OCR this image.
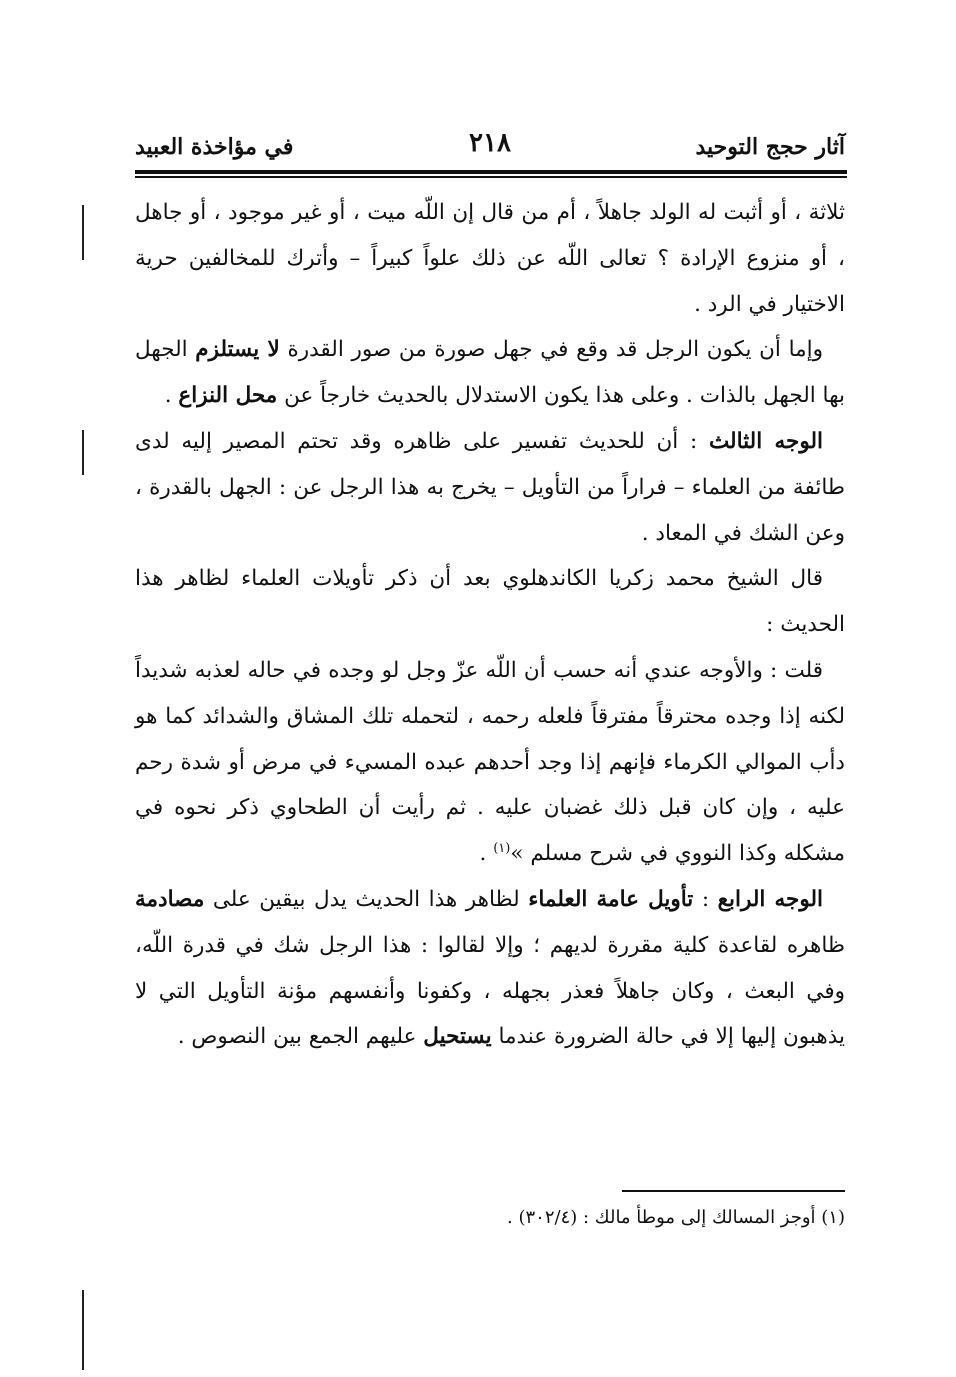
آثار حجج التوحيد
٢١٨
في مؤاخذة العبيد

ثلاثة ، أو أثبت له الولد جاهلاً ، أم من قال إن اللّه ميت ، أو غير موجود ، أو جاهل ، أو منزوع الإرادة ؟ تعالى اللّه عن ذلك علواً كبيراً – وأترك للمخالفين حرية الاختيار في الرد .

وإما أن يكون الرجل قد وقع في جهل صورة من صور القدرة لا يستلزم الجهل بها الجهل بالذات . وعلى هذا يكون الاستدلال بالحديث خارجاً عن محل النزاع .

الوجه الثالث : أن للحديث تفسير على ظاهره وقد تحتم المصير إليه لدى طائفة من العلماء – فراراً من التأويل – يخرج به هذا الرجل عن : الجهل بالقدرة ، وعن الشك في المعاد .

قال الشيخ محمد زكريا الكاندهلوي بعد أن ذكر تأويلات العلماء لظاهر هذا الحديث :

قلت : والأوجه عندي أنه حسب أن اللّه عزّ وجل لو وجده في حاله لعذبه شديداً لكنه إذا وجده محترقاً مفترقاً فلعله رحمه ، لتحمله تلك المشاق والشدائد كما هو دأب الموالي الكرماء فإنهم إذا وجد أحدهم عبده المسيء في مرض أو شدة رحم عليه ، وإن كان قبل ذلك غضبان عليه . ثم رأيت أن الطحاوي ذكر نحوه في مشكله وكذا النووي في شرح مسلم »$^{(١)}$ .

الوجه الرابع : تأويل عامة العلماء لظاهر هذا الحديث يدل بيقين على مصادمة ظاهره لقاعدة كلية مقررة لديهم ؛ وإلا لقالوا : هذا الرجل شك في قدرة اللّه، وفي البعث ، وكان جاهلاً فعذر بجهله ، وكفونا وأنفسهم مؤنة التأويل التي لا يذهبون إليها إلا في حالة الضرورة عندما يستحيل عليهم الجمع بين النصوص .

(١) أوجز المسالك إلى موطأ مالك : (٣٠٢/٤) .
